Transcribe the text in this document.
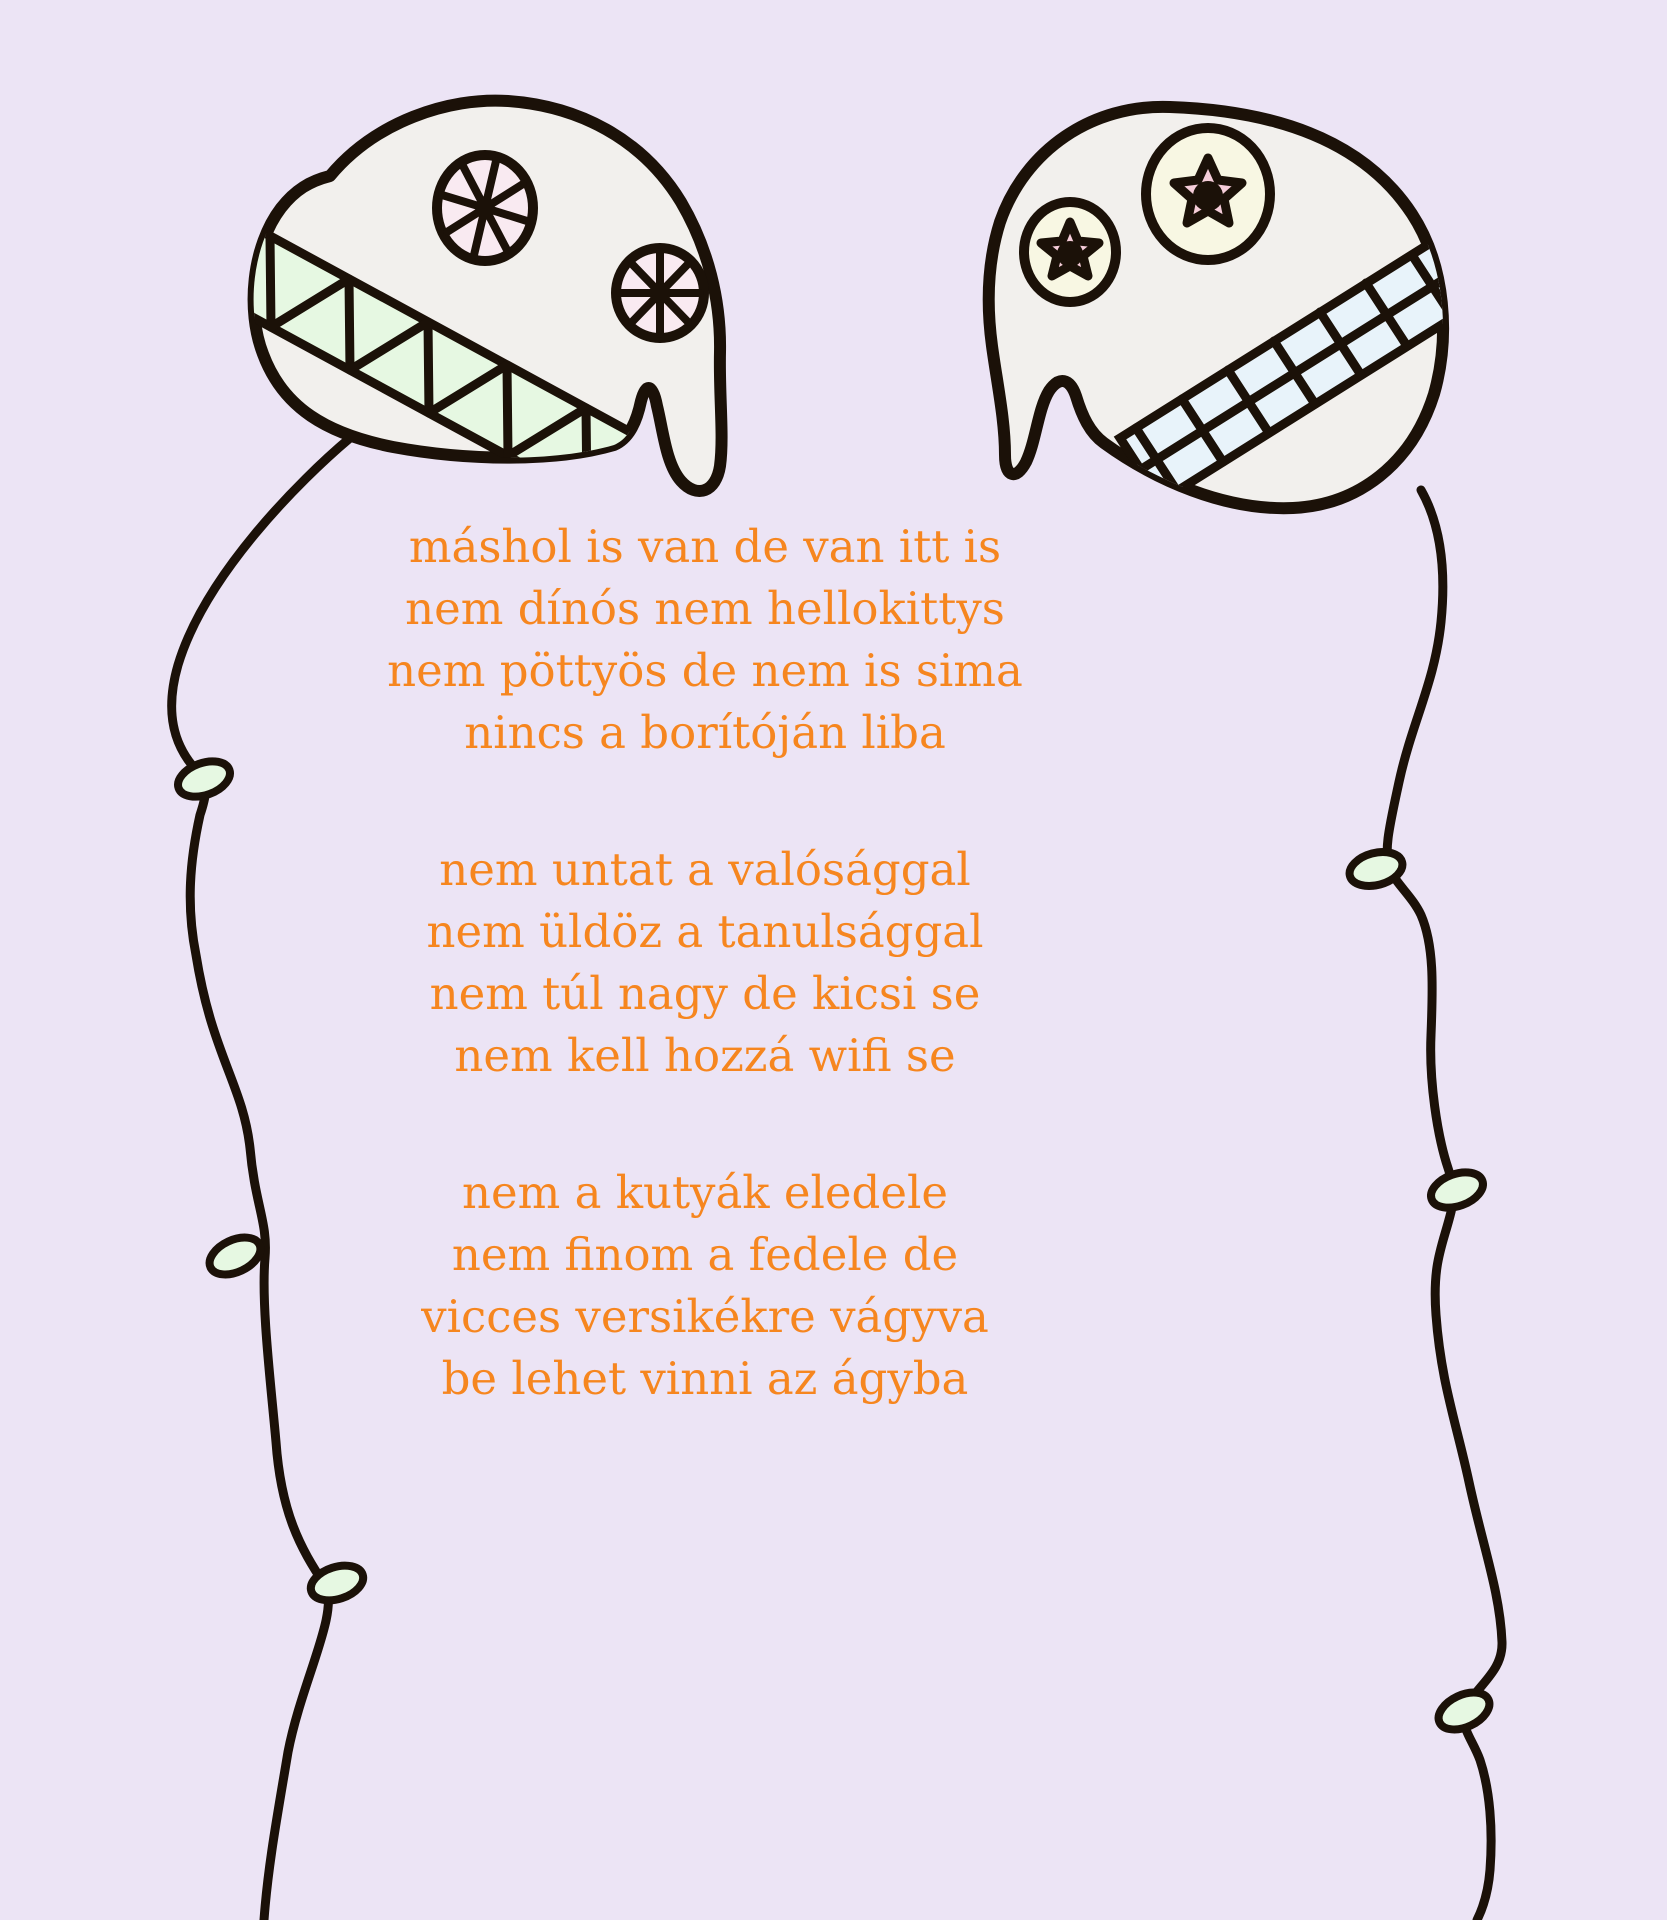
máshol is van de van itt is
nem dínós nem hellokittys
nem pöttyös de nem is sima
nincs a borítóján liba
nem untat a valósággal
nem üldöz a tanulsággal
nem túl nagy de kicsi se
nem kell hozzá wifi se
nem a kutyák eledele
nem finom a fedele de
vicces versikékre vágyva
be lehet vinni az ágyba
